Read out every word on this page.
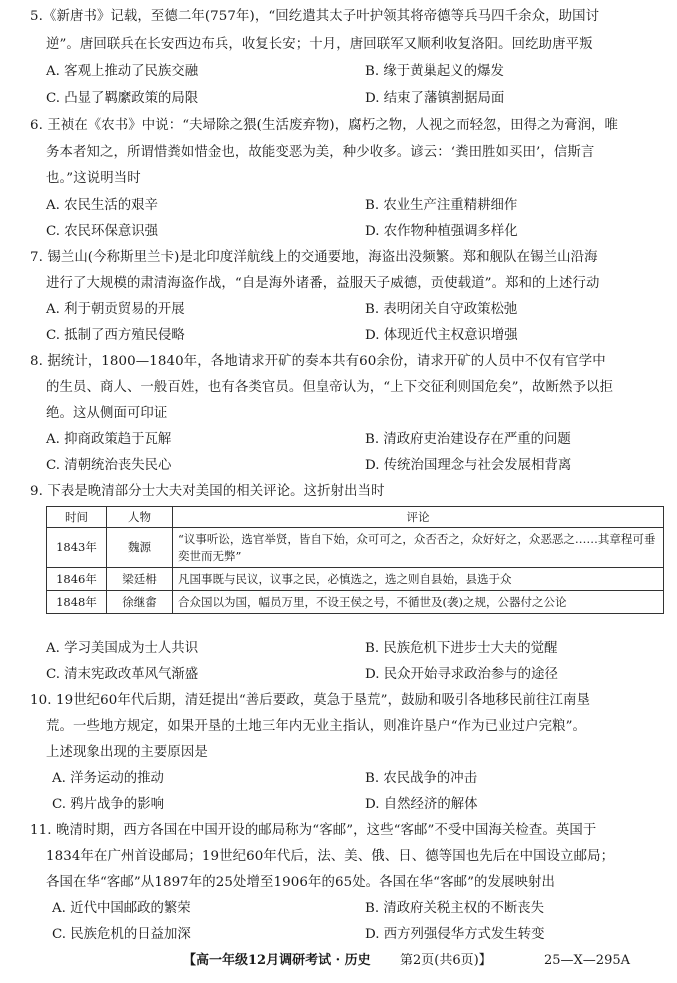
5.《新唐书》记载，至德二年(757年)，“回纥遣其太子叶护领其将帝德等兵马四千余众，助国讨
逆”。唐回联兵在长安西边布兵，收复长安；十月，唐回联军又顺利收复洛阳。回纥助唐平叛
A. 客观上推动了民族交融	B. 缘于黄巢起义的爆发
C. 凸显了羁縻政策的局限	D. 结束了藩镇割据局面
6. 王祯在《农书》中说：“夫埽除之猥(生活废弃物)，腐朽之物，人视之而轻忽，田得之为膏润，唯
务本者知之，所谓惜粪如惜金也，故能变恶为美，种少收多。谚云：‘粪田胜如买田’，信斯言
也。”这说明当时
A. 农民生活的艰辛	B. 农业生产注重精耕细作
C. 农民环保意识强	D. 农作物种植强调多样化
7. 锡兰山(今称斯里兰卡)是北印度洋航线上的交通要地，海盗出没频繁。郑和舰队在锡兰山沿海
进行了大规模的肃清海盗作战，“自是海外诸番，益服天子威德，贡使载道”。郑和的上述行动
A. 利于朝贡贸易的开展	B. 表明闭关自守政策松弛
C. 抵制了西方殖民侵略	D. 体现近代主权意识增强
8. 据统计，1800—1840年，各地请求开矿的奏本共有60余份，请求开矿的人员中不仅有官学中
的生员、商人、一般百姓，也有各类官员。但皇帝认为，“上下交征利则国危矣”，故断然予以拒
绝。这从侧面可印证
A. 抑商政策趋于瓦解	B. 清政府吏治建设存在严重的问题
C. 清朝统治丧失民心	D. 传统治国理念与社会发展相背离
9. 下表是晚清部分士大夫对美国的相关评论。这折射出当时
时间	人物	评论
1843年	魏源	“议事听讼，选官举贤，皆自下始，众可可之，众否否之，众好好之，众恶恶之……其章程可垂奕世而无弊”
1846年	梁廷枏	凡国事既与民议，议事之民，必慎选之，选之则自县始，县选于众
1848年	徐继畬	合众国以为国，幅员万里，不设王侯之号，不循世及(袭)之规，公器付之公论
A. 学习美国成为士人共识	B. 民族危机下进步士大夫的觉醒
C. 清末宪政改革风气渐盛	D. 民众开始寻求政治参与的途径
10. 19世纪60年代后期，清廷提出“善后要政，莫急于垦荒”，鼓励和吸引各地移民前往江南垦
荒。一些地方规定，如果开垦的土地三年内无业主指认，则准许垦户“作为已业过户完粮”。
上述现象出现的主要原因是
A. 洋务运动的推动	B. 农民战争的冲击
C. 鸦片战争的影响	D. 自然经济的解体
11. 晚清时期，西方各国在中国开设的邮局称为“客邮”，这些“客邮”不受中国海关检查。英国于
1834年在广州首设邮局；19世纪60年代后，法、美、俄、日、德等国也先后在中国设立邮局；
各国在华“客邮”从1897年的25处增至1906年的65处。各国在华“客邮”的发展映射出
A. 近代中国邮政的繁荣	B. 清政府关税主权的不断丧失
C. 民族危机的日益加深	D. 西方列强侵华方式发生转变
【高一年级12月调研考试 · 历史 第2页(共6页)】	25—X—295A
